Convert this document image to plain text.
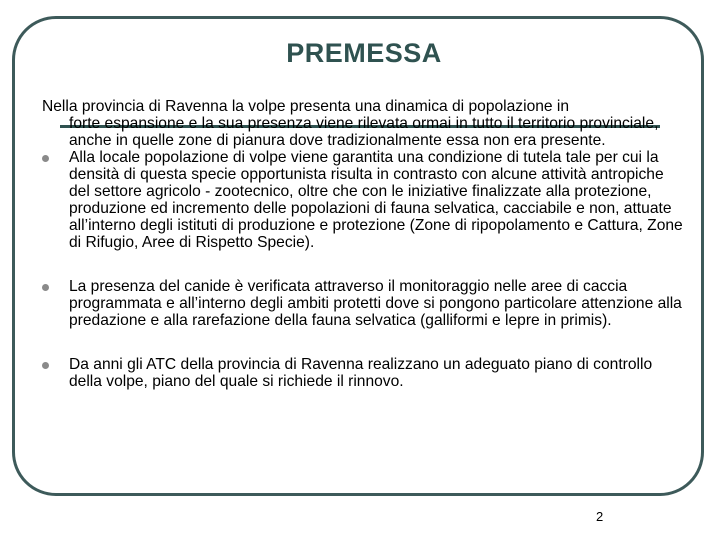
PREMESSA

Nella provincia di Ravenna la volpe presenta una dinamica di popolazione in
forte espansione e la sua presenza viene rilevata ormai in tutto il territorio provinciale, anche in quelle zone di pianura dove tradizionalmente essa non era presente.

Alla locale popolazione di volpe viene garantita una condizione di tutela tale per cui la densità di questa specie opportunista risulta in contrasto con alcune attività antropiche del settore agricolo - zootecnico, oltre che con le iniziative finalizzate alla protezione, produzione ed incremento delle popolazioni di fauna selvatica, cacciabile e non, attuate all’interno degli istituti di produzione e protezione (Zone di ripopolamento e Cattura, Zone di Rifugio, Aree di Rispetto Specie).
La presenza del canide è verificata attraverso il monitoraggio nelle aree di caccia programmata e all’interno degli ambiti protetti dove si pongono particolare attenzione alla predazione e alla rarefazione della fauna selvatica (galliformi e lepre in primis).
Da anni gli ATC della provincia di Ravenna realizzano un adeguato piano di controllo della volpe, piano del quale si richiede il rinnovo.
2
